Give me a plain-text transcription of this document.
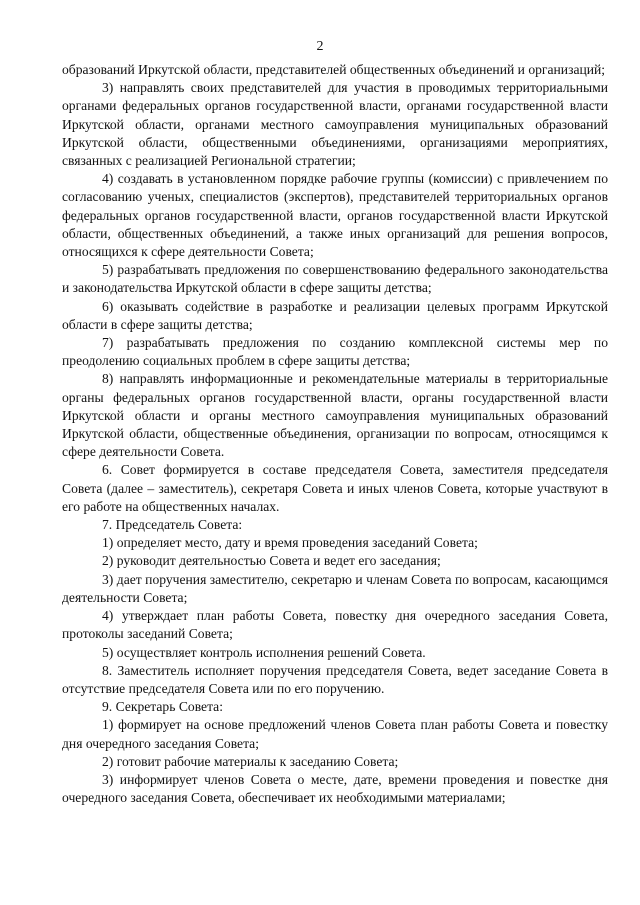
2

образований Иркутской области, представителей общественных объединений и организаций;

3) направлять своих представителей для участия в проводимых территориальными органами федеральных органов государственной власти, органами государственной власти Иркутской области, органами местного самоуправления муниципальных образований Иркутской области, общественными объединениями, организациями мероприятиях, связанных с реализацией Региональной стратегии;

4) создавать в установленном порядке рабочие группы (комиссии) с привлечением по согласованию ученых, специалистов (экспертов), представителей территориальных органов федеральных органов государственной власти, органов государственной власти Иркутской области, общественных объединений, а также иных организаций для решения вопросов, относящихся к сфере деятельности Совета;

5) разрабатывать предложения по совершенствованию федерального законодательства и законодательства Иркутской области в сфере защиты детства;

6) оказывать содействие в разработке и реализации целевых программ Иркутской области в сфере защиты детства;

7) разрабатывать предложения по созданию комплексной системы мер по преодолению социальных проблем в сфере защиты детства;

8) направлять информационные и рекомендательные материалы в территориальные органы федеральных органов государственной власти, органы государственной власти Иркутской области и органы местного самоуправления муниципальных образований Иркутской области, общественные объединения, организации по вопросам, относящимся к сфере деятельности Совета.

6. Совет формируется в составе председателя Совета, заместителя председателя Совета (далее – заместитель), секретаря Совета и иных членов Совета, которые участвуют в его работе на общественных началах.

7. Председатель Совета:

1) определяет место, дату и время проведения заседаний Совета;

2) руководит деятельностью Совета и ведет его заседания;

3) дает поручения заместителю, секретарю и членам Совета по вопросам, касающимся деятельности Совета;

4) утверждает план работы Совета, повестку дня очередного заседания Совета, протоколы заседаний Совета;

5) осуществляет контроль исполнения решений Совета.

8. Заместитель исполняет поручения председателя Совета, ведет заседание Совета в отсутствие председателя Совета или по его поручению.

9. Секретарь Совета:

1) формирует на основе предложений членов Совета план работы Совета и повестку дня очередного заседания Совета;

2) готовит рабочие материалы к заседанию Совета;

3) информирует членов Совета о месте, дате, времени проведения и повестке дня очередного заседания Совета, обеспечивает их необходимыми материалами;
